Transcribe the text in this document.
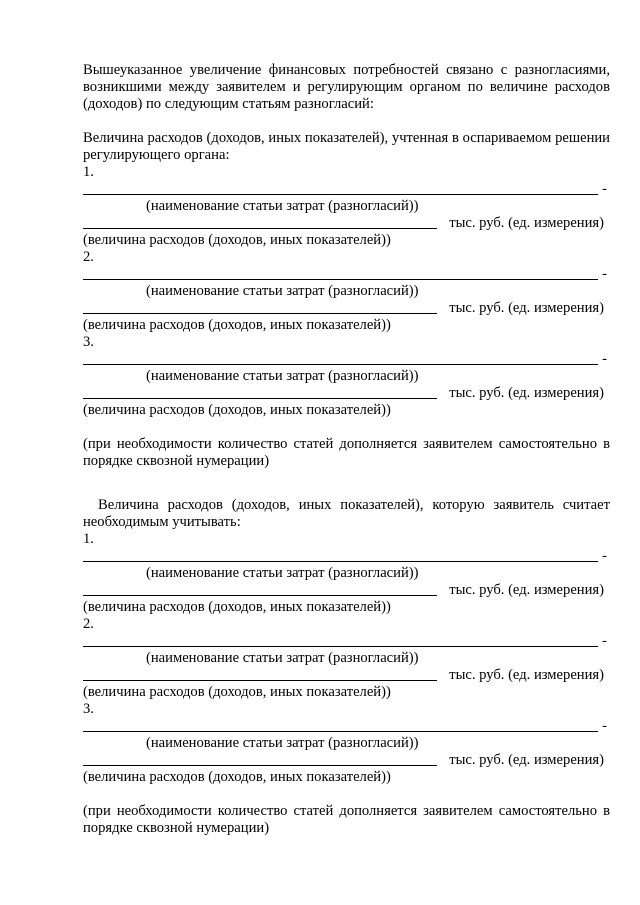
Вышеуказанное увеличение финансовых потребностей связано с разногласиями, возникшими между заявителем и регулирующим органом по величине расходов (доходов) по следующим статьям разногласий:
Величина расходов (доходов, иных показателей), учтенная в оспариваемом решении регулирующего органа:
1.
-
(наименование статьи затрат (разногласий))
тыс. руб. (ед. измерения)
(величина расходов (доходов, иных показателей))
2.
-
(наименование статьи затрат (разногласий))
тыс. руб. (ед. измерения)
(величина расходов (доходов, иных показателей))
3.
-
(наименование статьи затрат (разногласий))
тыс. руб. (ед. измерения)
(величина расходов (доходов, иных показателей))
(при необходимости количество статей дополняется заявителем самостоятельно в порядке сквозной нумерации)
Величина расходов (доходов, иных показателей), которую заявитель считает необходимым учитывать:
1.
-
(наименование статьи затрат (разногласий))
тыс. руб. (ед. измерения)
(величина расходов (доходов, иных показателей))
2.
-
(наименование статьи затрат (разногласий))
тыс. руб. (ед. измерения)
(величина расходов (доходов, иных показателей))
3.
-
(наименование статьи затрат (разногласий))
тыс. руб. (ед. измерения)
(величина расходов (доходов, иных показателей))
(при необходимости количество статей дополняется заявителем самостоятельно в порядке сквозной нумерации)
